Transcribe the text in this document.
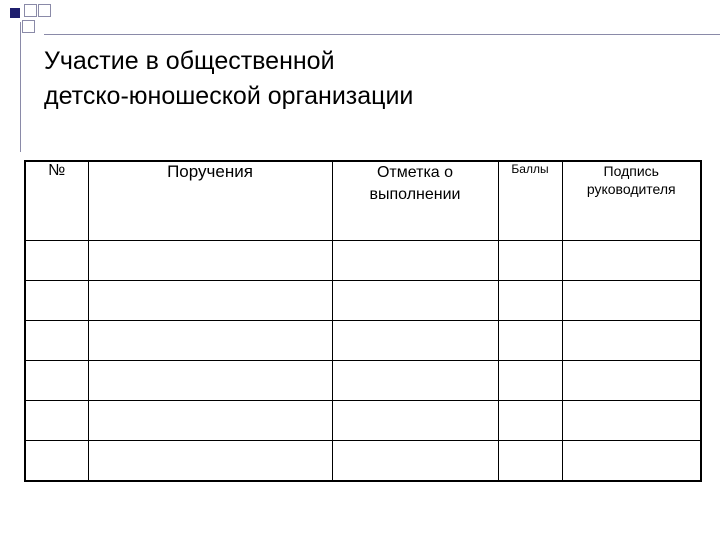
Участие в общественной
детско-юношеской организации
№	Поручения	Отметка о выполнении	Баллы	Подпись руководителя
